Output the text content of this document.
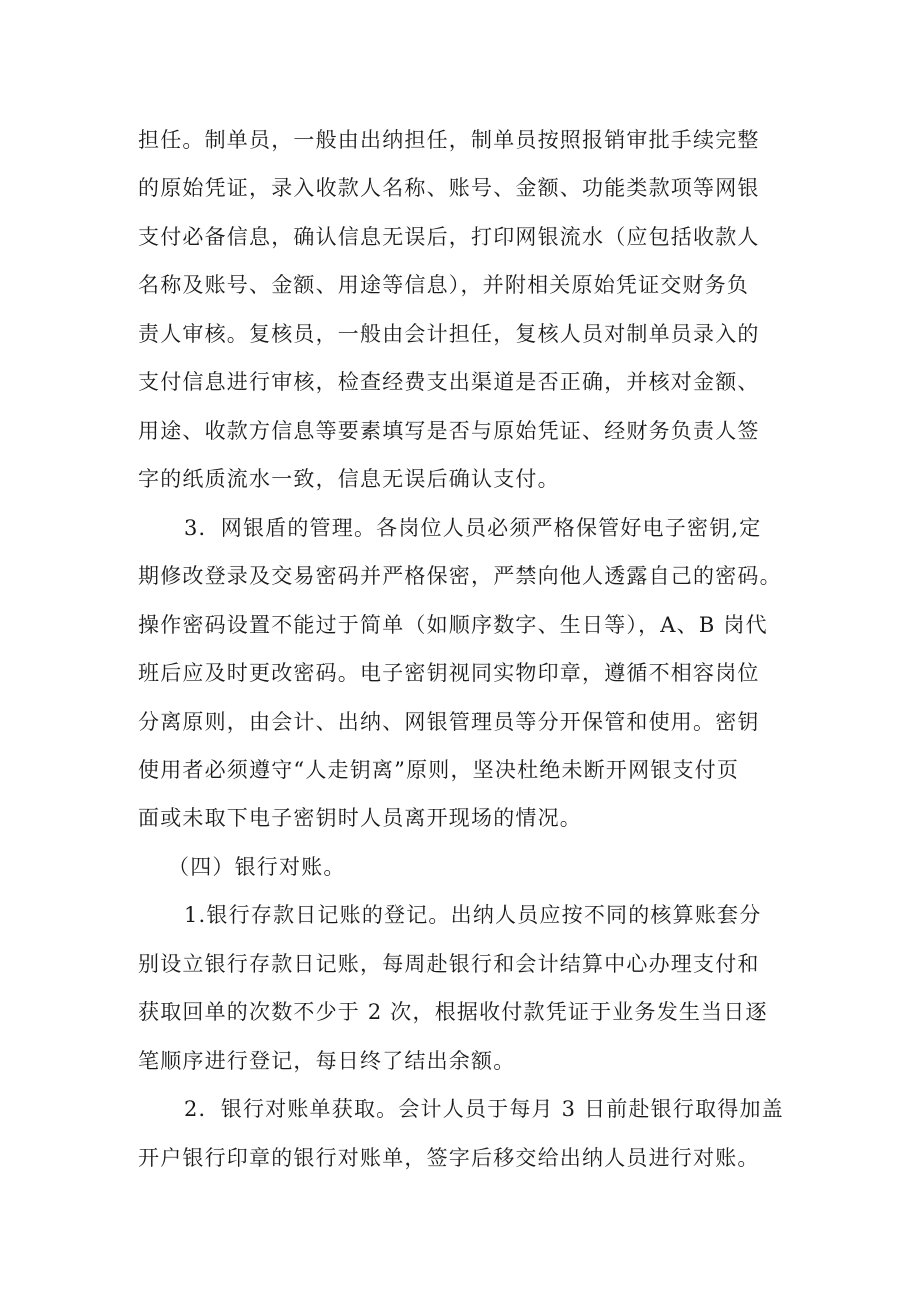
担任。制单员，一般由出纳担任，制单员按照报销审批手续完整
的原始凭证，录入收款人名称、账号、金额、功能类款项等网银
支付必备信息，确认信息无误后，打印网银流水（应包括收款人
名称及账号、金额、用途等信息），并附相关原始凭证交财务负
责人审核。复核员，一般由会计担任，复核人员对制单员录入的
支付信息进行审核，检查经费支出渠道是否正确，并核对金额、
用途、收款方信息等要素填写是否与原始凭证、经财务负责人签
字的纸质流水一致，信息无误后确认支付。
3．网银盾的管理。各岗位人员必须严格保管好电子密钥,定
期修改登录及交易密码并严格保密，严禁向他人透露自己的密码。
操作密码设置不能过于简单（如顺序数字、生日等），A、B 岗代
班后应及时更改密码。电子密钥视同实物印章，遵循不相容岗位
分离原则，由会计、出纳、网银管理员等分开保管和使用。密钥
使用者必须遵守“人走钥离”原则，坚决杜绝未断开网银支付页
面或未取下电子密钥时人员离开现场的情况。
（四）银行对账。
1.银行存款日记账的登记。出纳人员应按不同的核算账套分
别设立银行存款日记账，每周赴银行和会计结算中心办理支付和
获取回单的次数不少于 2 次，根据收付款凭证于业务发生当日逐
笔顺序进行登记，每日终了结出余额。
2．银行对账单获取。会计人员于每月 3 日前赴银行取得加盖
开户银行印章的银行对账单，签字后移交给出纳人员进行对账。
